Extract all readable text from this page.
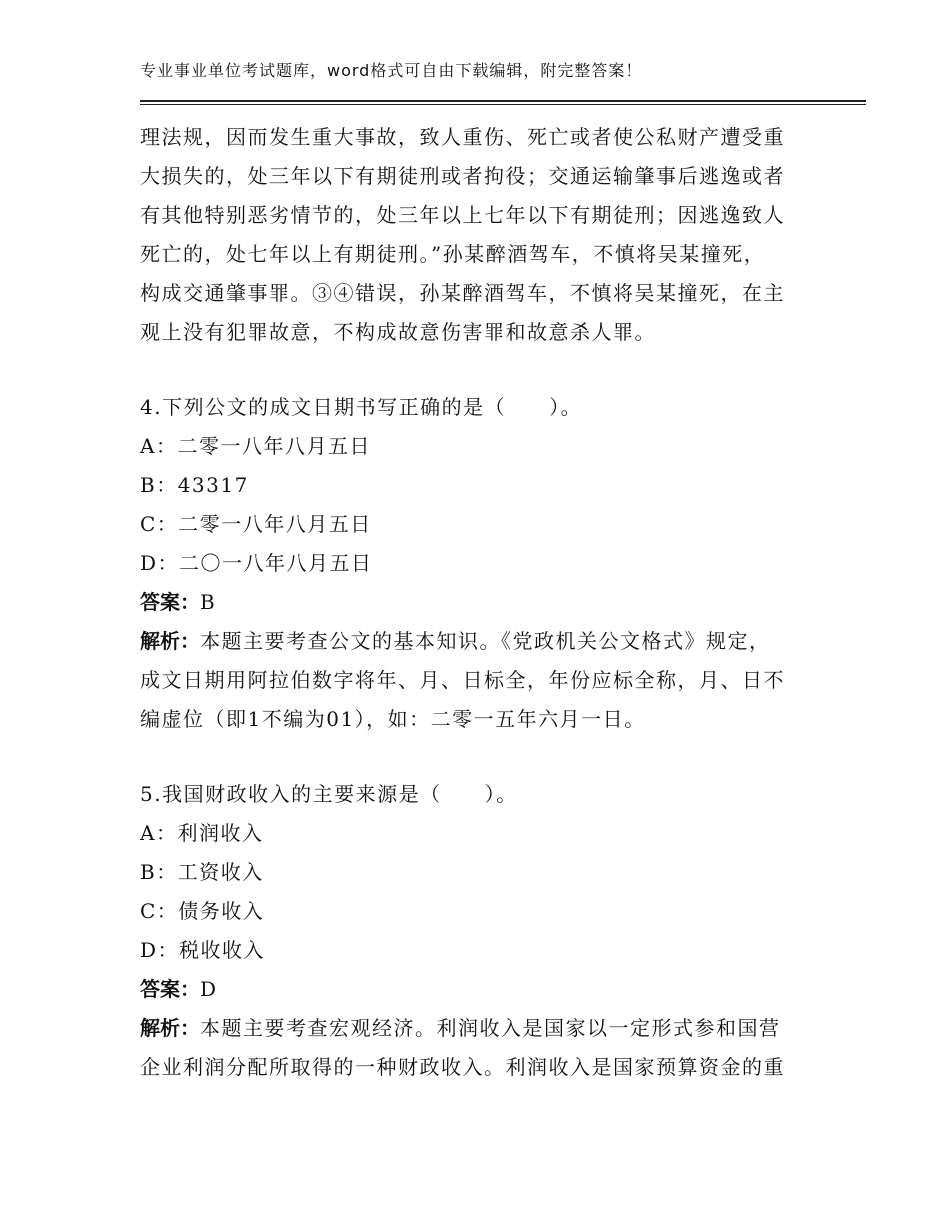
专业事业单位考试题库，word格式可自由下载编辑，附完整答案！
理法规，因而发生重大事故，致人重伤、死亡或者使公私财产遭受重
大损失的，处三年以下有期徒刑或者拘役；交通运输肇事后逃逸或者
有其他特别恶劣情节的，处三年以上七年以下有期徒刑；因逃逸致人
死亡的，处七年以上有期徒刑。”孙某醉酒驾车，不慎将吴某撞死，
构成交通肇事罪。③④错误，孙某醉酒驾车，不慎将吴某撞死，在主
观上没有犯罪故意，不构成故意伤害罪和故意杀人罪。
4.下列公文的成文日期书写正确的是（　　）。
A：二零一八年八月五日
B：43317
C：二零一八年八月五日
D：二〇一八年八月五日
答案：B
解析：本题主要考查公文的基本知识。《党政机关公文格式》规定，
成文日期用阿拉伯数字将年、月、日标全，年份应标全称，月、日不
编虚位（即1不编为01），如：二零一五年六月一日。
5.我国财政收入的主要来源是（　　）。
A：利润收入
B：工资收入
C：债务收入
D：税收收入
答案：D
解析：本题主要考查宏观经济。利润收入是国家以一定形式参和国营
企业利润分配所取得的一种财政收入。利润收入是国家预算资金的重
